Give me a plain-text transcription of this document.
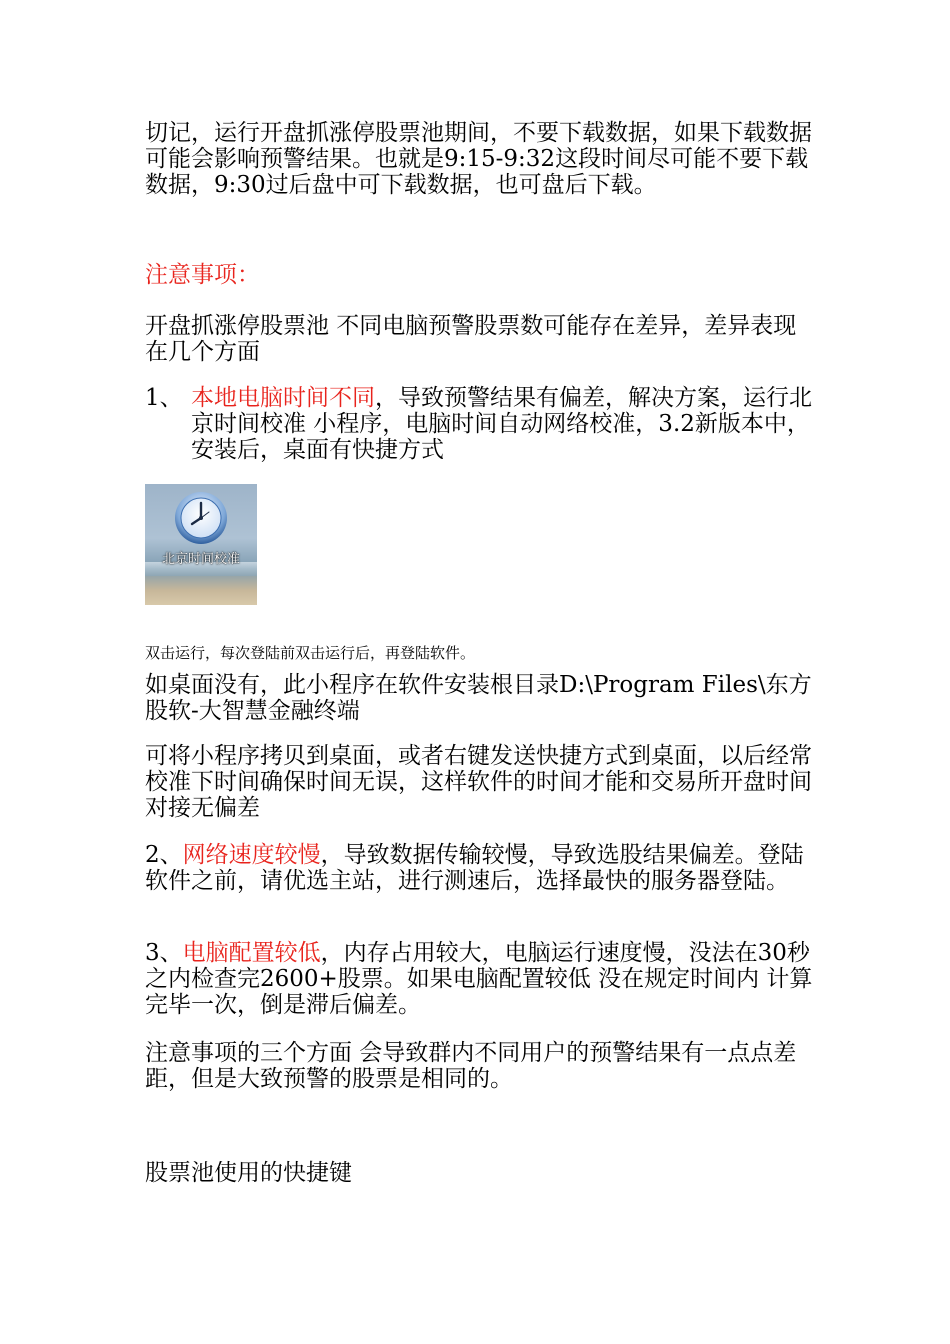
切记，运行开盘抓涨停股票池期间，不要下载数据，如果下载数据可能会影响预警结果。也就是9:15-9:32这段时间尽可能不要下载数据，9:30过后盘中可下载数据，也可盘后下载。

注意事项：

开盘抓涨停股票池 不同电脑预警股票数可能存在差异，差异表现在几个方面

1、 本地电脑时间不同，导致预警结果有偏差，解决方案，运行北京时间校准 小程序，电脑时间自动网络校准，3.2新版本中，安装后，桌面有快捷方式
北京时间校准

双击运行，每次登陆前双击运行后，再登陆软件。

如桌面没有，此小程序在软件安装根目录D:\Program Files\东方股软-大智慧金融终端

可将小程序拷贝到桌面，或者右键发送快捷方式到桌面，以后经常校准下时间确保时间无误，这样软件的时间才能和交易所开盘时间对接无偏差

2、网络速度较慢，导致数据传输较慢，导致选股结果偏差。登陆软件之前，请优选主站，进行测速后，选择最快的服务器登陆。

3、电脑配置较低，内存占用较大，电脑运行速度慢，没法在30秒之内检查完2600+股票。如果电脑配置较低 没在规定时间内 计算完毕一次，倒是滞后偏差。

注意事项的三个方面 会导致群内不同用户的预警结果有一点点差距，但是大致预警的股票是相同的。

股票池使用的快捷键
